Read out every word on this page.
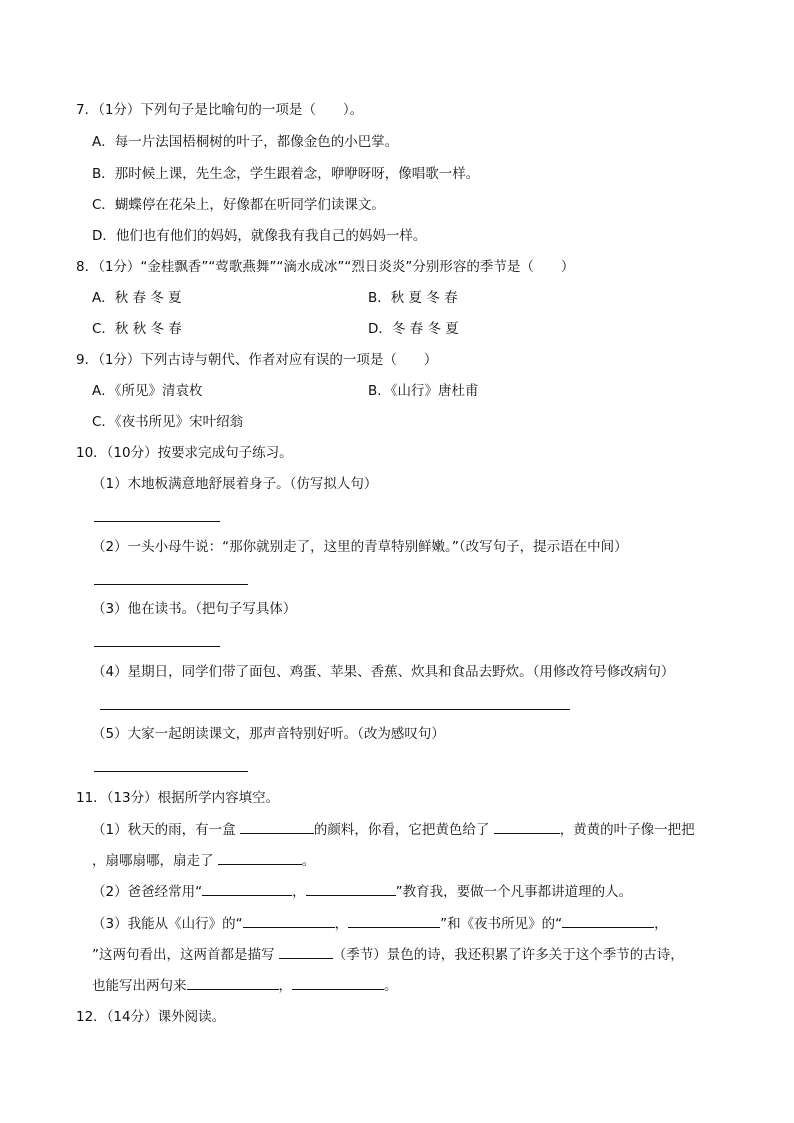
7．（1分）下列句子是比喻句的一项是（　　）。
A．每一片法国梧桐树的叶子，都像金色的小巴掌。
B．那时候上课，先生念，学生跟着念，咿咿呀呀，像唱歌一样。
C．蝴蝶停在花朵上，好像都在听同学们读课文。
D．他们也有他们的妈妈，就像我有我自己的妈妈一样。
8．（1分）“金桂飘香”“莺歌燕舞”“滴水成冰”“烈日炎炎”分别形容的季节是（　　）
A．秋 春 冬 夏	B．秋 夏 冬 春
C．秋 秋 冬 春	D．冬 春 冬 夏
9．（1分）下列古诗与朝代、作者对应有误的一项是（　　）
A．《所见》清袁枚	B．《山行》唐杜甫
C．《夜书所见》宋叶绍翁
10．（10分）按要求完成句子练习。
（1）木地板满意地舒展着身子。（仿写拟人句）
（2）一头小母牛说：“那你就别走了，这里的青草特别鲜嫩。”（改写句子，提示语在中间）
（3）他在读书。（把句子写具体）
（4）星期日，同学们带了面包、鸡蛋、苹果、香蕉、炊具和食品去野炊。（用修改符号修改病句）
（5）大家一起朗读课文，那声音特别好听。（改为感叹句）
11．（13分）根据所学内容填空。
（1）秋天的雨，有一盒	的颜料，你看，它把黄色给了	，黄黄的叶子像一把把
，扇哪扇哪，扇走了	。
（2）爸爸经常用“	，	”教育我，要做一个凡事都讲道理的人。
（3）我能从《山行》的“	，	”和《夜书所见》的“	，
”这两句看出，这两首都是描写	（季节）景色的诗，我还积累了许多关于这个季节的古诗，
也能写出两句来	，	。
12．（14分）课外阅读。
